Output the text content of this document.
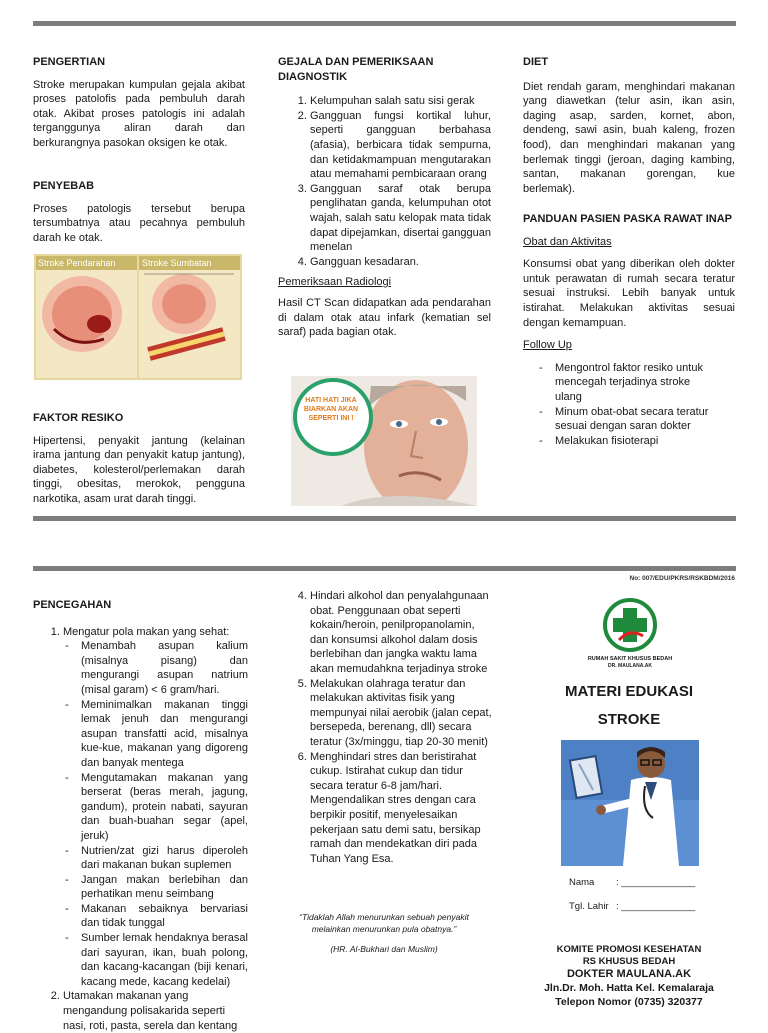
PENGERTIAN

Stroke merupakan kumpulan gejala akibat proses patolofis pada pembuluh darah otak. Akibat proses patologis ini adalah terganggunya aliran darah dan berkurangnya pasokan oksigen ke otak.

PENYEBAB

Proses patologis tersebut berupa tersumbatnya atau pecahnya pembuluh darah ke otak.

Stroke Pendarahan	Stroke Sumbatan

FAKTOR RESIKO

Hipertensi, penyakit jantung (kelainan irama jantung dan penyakit katup jantung), diabetes, kolesterol/perlemakan darah tinggi, obesitas, merokok, pengguna narkotika, asam urat darah tinggi.

GEJALA DAN PEMERIKSAAN DIAGNOSTIK

1. Kelumpuhan salah satu sisi gerak
2. Gangguan fungsi kortikal luhur, seperti gangguan berbahasa (afasia), berbicara tidak sempurna, dan ketidakmampuan mengutarakan atau memahami pembicaraan orang
3. Gangguan saraf otak berupa penglihatan ganda, kelumpuhan otot wajah, salah satu kelopak mata tidak dapat dipejamkan, disertai gangguan menelan
4. Gangguan kesadaran.

Pemeriksaan Radiologi

Hasil CT Scan didapatkan ada pendarahan di dalam otak atau infark (kematian sel saraf) pada bagian otak.

HATI HATI JIKA BIARKAN AKAN SEPERTI INI !

DIET

Diet rendah garam, menghindari makanan yang diawetkan (telur asin, ikan asin, daging asap, sarden, kornet, abon, dendeng, sawi asin, buah kaleng, frozen food), dan menghindari makanan yang berlemak tinggi (jeroan, daging kambing, santan, makanan gorengan, kue berlemak).

PANDUAN PASIEN PASKA RAWAT INAP

Obat dan Aktivitas

Konsumsi obat yang diberikan oleh dokter untuk perawatan di rumah secara teratur sesuai instruksi. Lebih banyak untuk istirahat. Melakukan aktivitas sesuai dengan kemampuan.

Follow Up

- Mengontrol faktor resiko untuk mencegah terjadinya stroke ulang
- Minum obat-obat secara teratur sesuai dengan saran dokter
- Melakukan fisioterapi
No: 007/EDU/PKRS/RSKBDM/2016

PENCEGAHAN

1. Mengatur pola makan yang sehat:
- Menambah asupan kalium (misalnya pisang) dan mengurangi asupan natrium (misal garam) < 6 gram/hari.
- Meminimalkan makanan tinggi lemak jenuh dan mengurangi asupan transfatti acid, misalnya kue-kue, makanan yang digoreng dan banyak mentega
- Mengutamakan makanan yang berserat (beras merah, jagung, gandum), protein nabati, sayuran dan buah-buahan segar (apel, jeruk)
- Nutrien/zat gizi harus diperoleh dari makanan bukan suplemen
- Jangan makan berlebihan dan perhatikan menu seimbang
- Makanan sebaiknya bervariasi dan tidak tunggal
- Sumber lemak hendaknya berasal dari sayuran, ikan, buah polong, dan kacang-kacangan (biji kenari, kacang mede, kacang kedelai)
2. Utamakan makanan yang mengandung polisakarida seperti nasi, roti, pasta, serela dan kentang
4. Hindari alkohol dan penyalahgunaan obat. Penggunaan obat seperti kokain/heroin, penilpropanolamin, dan konsumsi alkohol dalam dosis berlebihan dan jangka waktu lama akan memudahkna terjadinya stroke
5. Melakukan olahraga teratur dan melakukan aktivitas fisik yang mempunyai nilai aerobik (jalan cepat, bersepeda, berenang, dll) secara teratur (3x/minggu, tiap 20-30 menit)
6. Menghindari stres dan beristirahat cukup. Istirahat cukup dan tidur secara teratur 6-8 jam/hari. Mengendalikan stres dengan cara berpikir positif, menyelesaikan pekerjaan satu demi satu, bersikap ramah dan mendekatkan diri pada Tuhan Yang Esa.
“Tidaklah Allah menurunkan sebuah penyakit melainkan menurunkan pula obatnya.”
(HR. Al-Bukhari dan Muslim)
RUMAH SAKIT KHUSUS BEDAH
DR. MAULANA.AK
MATERI EDUKASI
STROKE
Nama : ______________
Tgl. Lahir : ______________
KOMITE PROMOSI KESEHATAN
RS KHUSUS BEDAH
DOKTER MAULANA.AK
Jln.Dr. Moh. Hatta Kel. Kemalaraja
Telepon Nomor (0735) 320377
